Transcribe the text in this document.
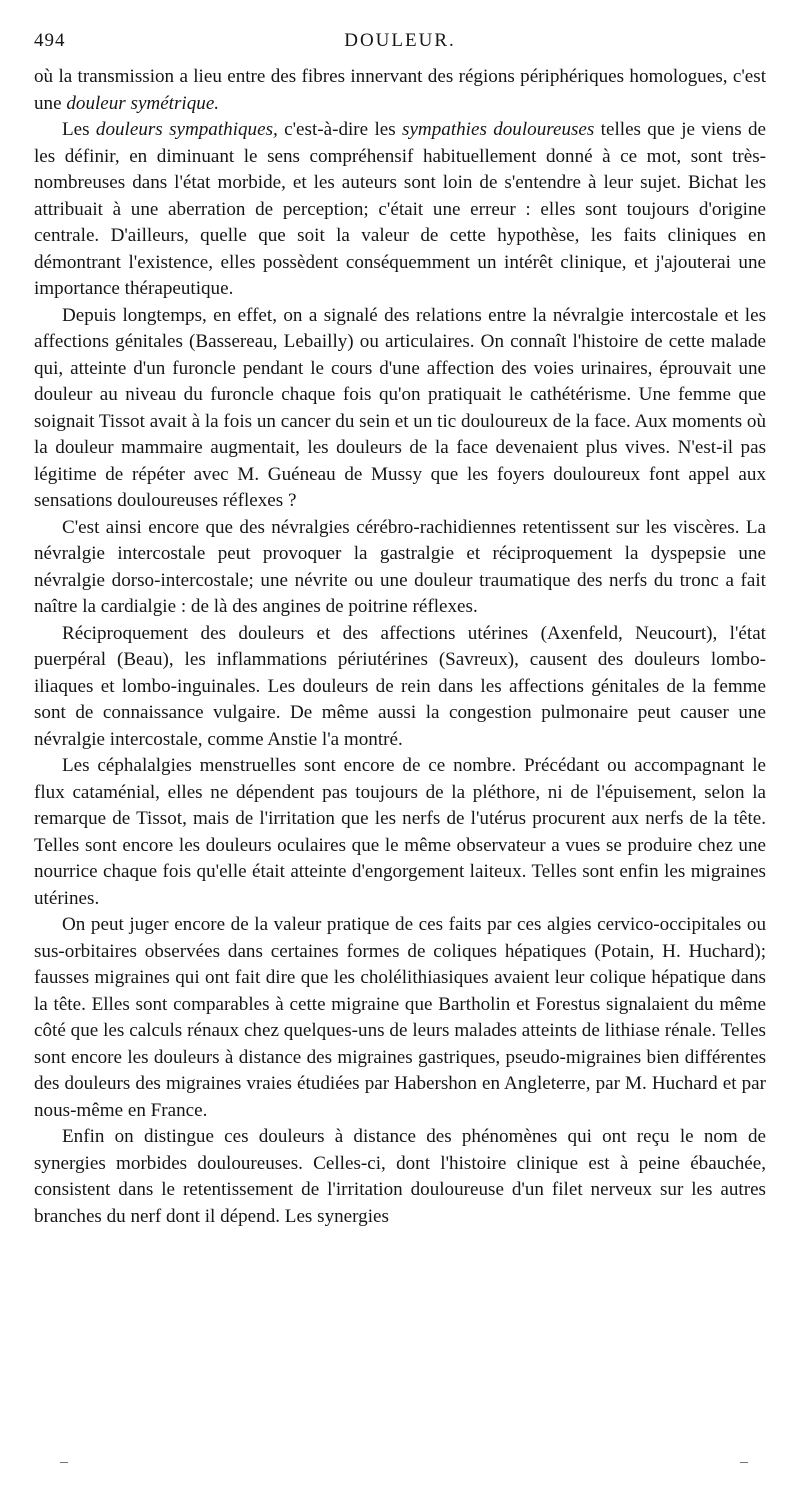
494	DOULEUR.

où la transmission a lieu entre des fibres innervant des régions périphériques homologues, c'est une douleur symétrique.

Les douleurs sympathiques, c'est-à-dire les sympathies douloureuses telles que je viens de les définir, en diminuant le sens compréhensif habituellement donné à ce mot, sont très-nombreuses dans l'état morbide, et les auteurs sont loin de s'entendre à leur sujet. Bichat les attribuait à une aberration de perception; c'était une erreur : elles sont toujours d'origine centrale. D'ailleurs, quelle que soit la valeur de cette hypothèse, les faits cliniques en démontrant l'existence, elles possèdent conséquemment un intérêt clinique, et j'ajouterai une importance thérapeutique.

Depuis longtemps, en effet, on a signalé des relations entre la névralgie intercostale et les affections génitales (Bassereau, Lebailly) ou articulaires. On connaît l'histoire de cette malade qui, atteinte d'un furoncle pendant le cours d'une affection des voies urinaires, éprouvait une douleur au niveau du furoncle chaque fois qu'on pratiquait le cathétérisme. Une femme que soignait Tissot avait à la fois un cancer du sein et un tic douloureux de la face. Aux moments où la douleur mammaire augmentait, les douleurs de la face devenaient plus vives. N'est-il pas légitime de répéter avec M. Guéneau de Mussy que les foyers douloureux font appel aux sensations douloureuses réflexes ?

C'est ainsi encore que des névralgies cérébro-rachidiennes retentissent sur les viscères. La névralgie intercostale peut provoquer la gastralgie et réciproquement la dyspepsie une névralgie dorso-intercostale; une névrite ou une douleur traumatique des nerfs du tronc a fait naître la cardialgie : de là des angines de poitrine réflexes.

Réciproquement des douleurs et des affections utérines (Axenfeld, Neucourt), l'état puerpéral (Beau), les inflammations périutérines (Savreux), causent des douleurs lombo-iliaques et lombo-inguinales. Les douleurs de rein dans les affections génitales de la femme sont de connaissance vulgaire. De même aussi la congestion pulmonaire peut causer une névralgie intercostale, comme Anstie l'a montré.

Les céphalalgies menstruelles sont encore de ce nombre. Précédant ou accompagnant le flux cataménial, elles ne dépendent pas toujours de la pléthore, ni de l'épuisement, selon la remarque de Tissot, mais de l'irritation que les nerfs de l'utérus procurent aux nerfs de la tête. Telles sont encore les douleurs oculaires que le même observateur a vues se produire chez une nourrice chaque fois qu'elle était atteinte d'engorgement laiteux. Telles sont enfin les migraines utérines.

On peut juger encore de la valeur pratique de ces faits par ces algies cervico-occipitales ou sus-orbitaires observées dans certaines formes de coliques hépatiques (Potain, H. Huchard); fausses migraines qui ont fait dire que les cholélithiasiques avaient leur colique hépatique dans la tête. Elles sont comparables à cette migraine que Bartholin et Forestus signalaient du même côté que les calculs rénaux chez quelques-uns de leurs malades atteints de lithiase rénale. Telles sont encore les douleurs à distance des migraines gastriques, pseudo-migraines bien différentes des douleurs des migraines vraies étudiées par Habershon en Angleterre, par M. Huchard et par nous-même en France.

Enfin on distingue ces douleurs à distance des phénomènes qui ont reçu le nom de synergies morbides douloureuses. Celles-ci, dont l'histoire clinique est à peine ébauchée, consistent dans le retentissement de l'irritation douloureuse d'un filet nerveux sur les autres branches du nerf dont il dépend. Les synergies
